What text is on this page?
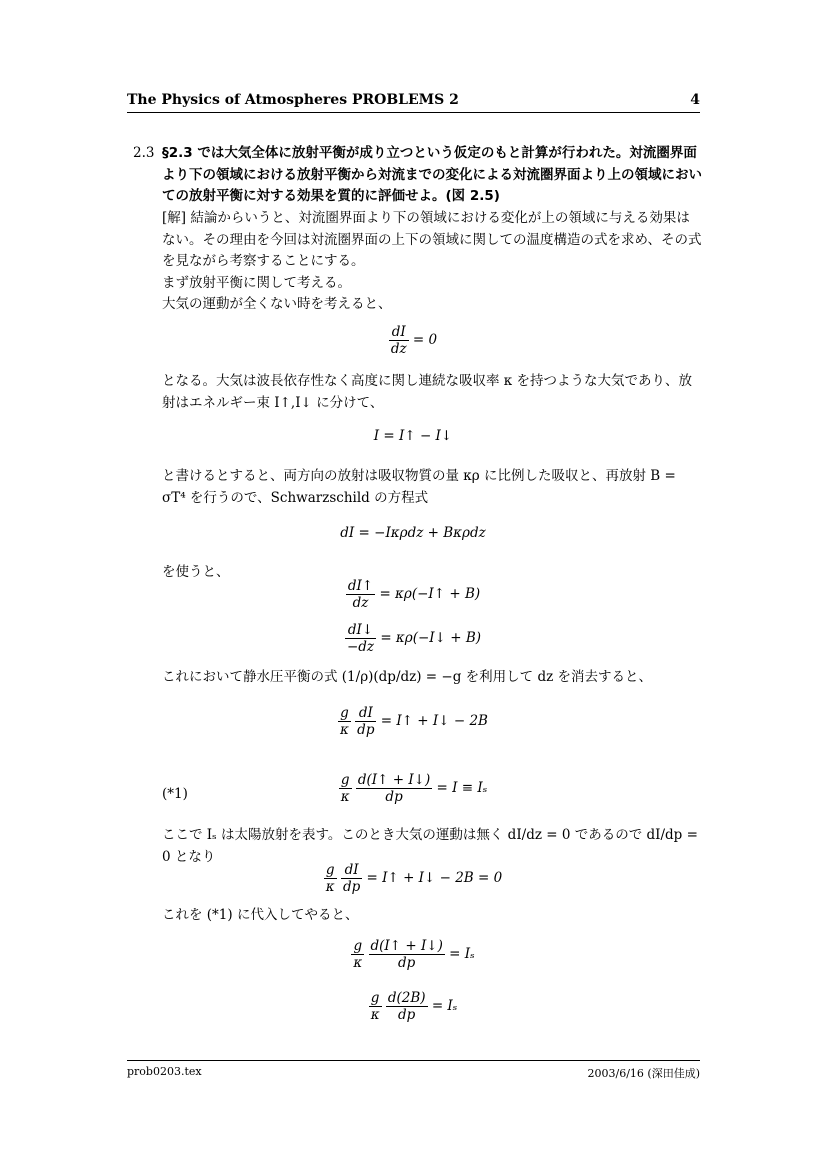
The Physics of Atmospheres PROBLEMS 2	4
2.3 §2.3 では大気全体に放射平衡が成り立つという仮定のもと計算が行われた。対流圏界面より下の領域における放射平衡から対流までの変化による対流圏界面より上の領域においての放射平衡に対する効果を質的に評価せよ。(図 2.5)
[解] 結論からいうと、対流圏界面より下の領域における変化が上の領域に与える効果はない。その理由を今回は対流圏界面の上下の領域に関しての温度構造の式を求め、その式を見ながら考察することにする。
まず放射平衡に関して考える。
大気の運動が全くない時を考えると、
$\frac{dI}{dz} = 0$
となる。大気は波長依存性なく高度に関し連続な吸収率 κ を持つような大気であり、放射はエネルギー束 I↑,I↓ に分けて、
I = I↑ − I↓
と書けるとすると、両方向の放射は吸収物質の量 κρ に比例した吸収と、再放射 B = σT⁴ を行うので、Schwarzschild の方程式
dI = −Iκρdz + Bκρdz
を使うと、
$\frac{dI↑}{dz}$ = κρ(−I↑ + B)
$\frac{dI↓}{-dz}$ = κρ(−I↓ + B)
これにおいて静水圧平衡の式 (1/ρ)(dp/dz) = −g を利用して dz を消去すると、
$\frac{g}{\kappa}$
$\frac{dI}{dp}$ = I↑ + I↓ − 2B
(*1)	$\frac{g}{\kappa}$
$\frac{d(I↑ + I↓)}{dp} = I \equiv I_s$
ここで Iₛ は太陽放射を表す。このとき大気の運動は無く dI/dz = 0 であるので dI/dp = 0 となり
$\frac{g}{\kappa}$
$\frac{dI}{dp}$ = I↑ + I↓ − 2B = 0
これを (*1) に代入してやると、
$\frac{g}{\kappa}$
$\frac{d(I↑ + I↓)}{dp} = I_s$
$\frac{g}{\kappa}$
$\frac{d(2B)}{dp} = I_s$
prob0203.tex	2003/6/16 (深田佳成)
